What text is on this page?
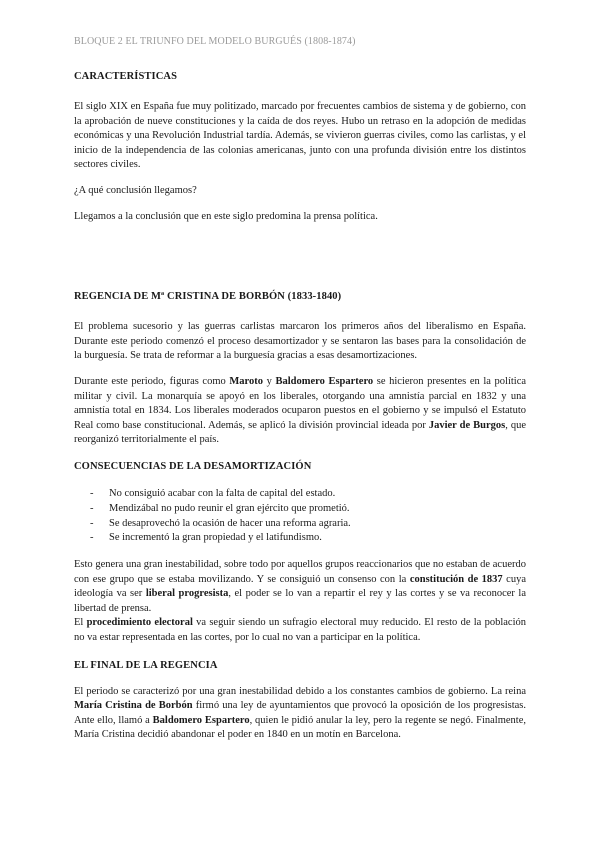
BLOQUE 2 EL TRIUNFO DEL MODELO BURGUÉS (1808-1874)
CARACTERÍSTICAS

El siglo XIX en España fue muy politizado, marcado por frecuentes cambios de sistema y de gobierno, con la aprobación de nueve constituciones y la caída de dos reyes. Hubo un retraso en la adopción de medidas económicas y una Revolución Industrial tardía. Además, se vivieron guerras civiles, como las carlistas, y el inicio de la independencia de las colonias americanas, junto con una profunda división entre los distintos sectores civiles.

¿A qué conclusión llegamos?

Llegamos a la conclusión que en este siglo predomina la prensa política.

REGENCIA DE Mª CRISTINA DE BORBÓN (1833-1840)

El problema sucesorio y las guerras carlistas marcaron los primeros años del liberalismo en España. Durante este periodo comenzó el proceso desamortizador y se sentaron las bases para la consolidación de la burguesía. Se trata de reformar a la burguesía gracias a esas desamortizaciones.

Durante este periodo, figuras como Maroto y Baldomero Espartero se hicieron presentes en la política militar y civil. La monarquía se apoyó en los liberales, otorgando una amnistía parcial en 1832 y una amnistía total en 1834. Los liberales moderados ocuparon puestos en el gobierno y se impulsó el Estatuto Real como base constitucional. Además, se aplicó la división provincial ideada por Javier de Burgos, que reorganizó territorialmente el país.

CONSECUENCIAS DE LA DESAMORTIZACIÓN
- No consiguió acabar con la falta de capital del estado.
- Mendizábal no pudo reunir el gran ejército que prometió.
- Se desaprovechó la ocasión de hacer una reforma agraria.
- Se incrementó la gran propiedad y el latifundismo.

Esto genera una gran inestabilidad, sobre todo por aquellos grupos reaccionarios que no estaban de acuerdo con ese grupo que se estaba movilizando. Y se consiguió un consenso con la constitución de 1837 cuya ideología va ser liberal progresista, el poder se lo van a repartir el rey y las cortes y se va reconocer la libertad de prensa.

El procedimiento electoral va seguir siendo un sufragio electoral muy reducido. El resto de la población no va estar representada en las cortes, por lo cual no van a participar en la política.

EL FINAL DE LA REGENCIA

El periodo se caracterizó por una gran inestabilidad debido a los constantes cambios de gobierno. La reina María Cristina de Borbón firmó una ley de ayuntamientos que provocó la oposición de los progresistas. Ante ello, llamó a Baldomero Espartero, quien le pidió anular la ley, pero la regente se negó. Finalmente, María Cristina decidió abandonar el poder en 1840 en un motín en Barcelona.
